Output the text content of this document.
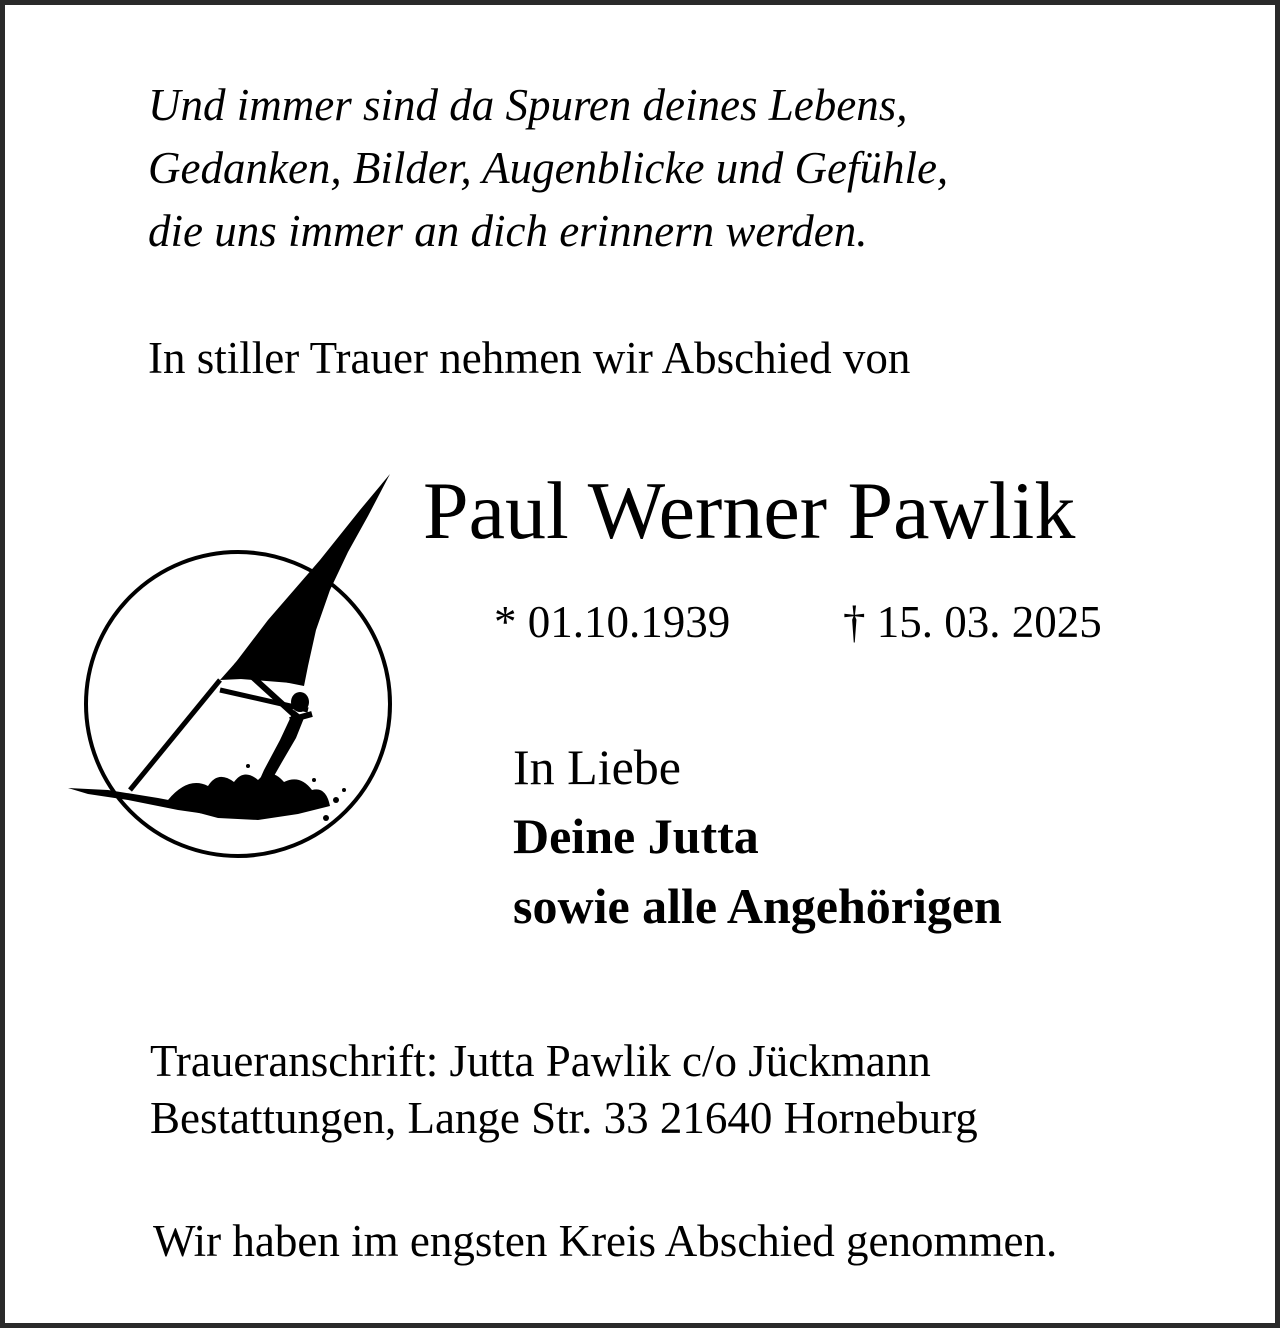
Und immer sind da Spuren deines Lebens,

Gedanken, Bilder, Augenblicke und Gefühle,

die uns immer an dich erinnern werden.

In stiller Trauer nehmen wir Abschied von

Paul Werner Pawlik

* 01.10.1939	† 15. 03. 2025

In Liebe

Deine Jutta

sowie alle Angehörigen

Traueranschrift: Jutta Pawlik c/o Jückmann

Bestattungen, Lange Str. 33 21640 Horneburg

Wir haben im engsten Kreis Abschied genommen.
